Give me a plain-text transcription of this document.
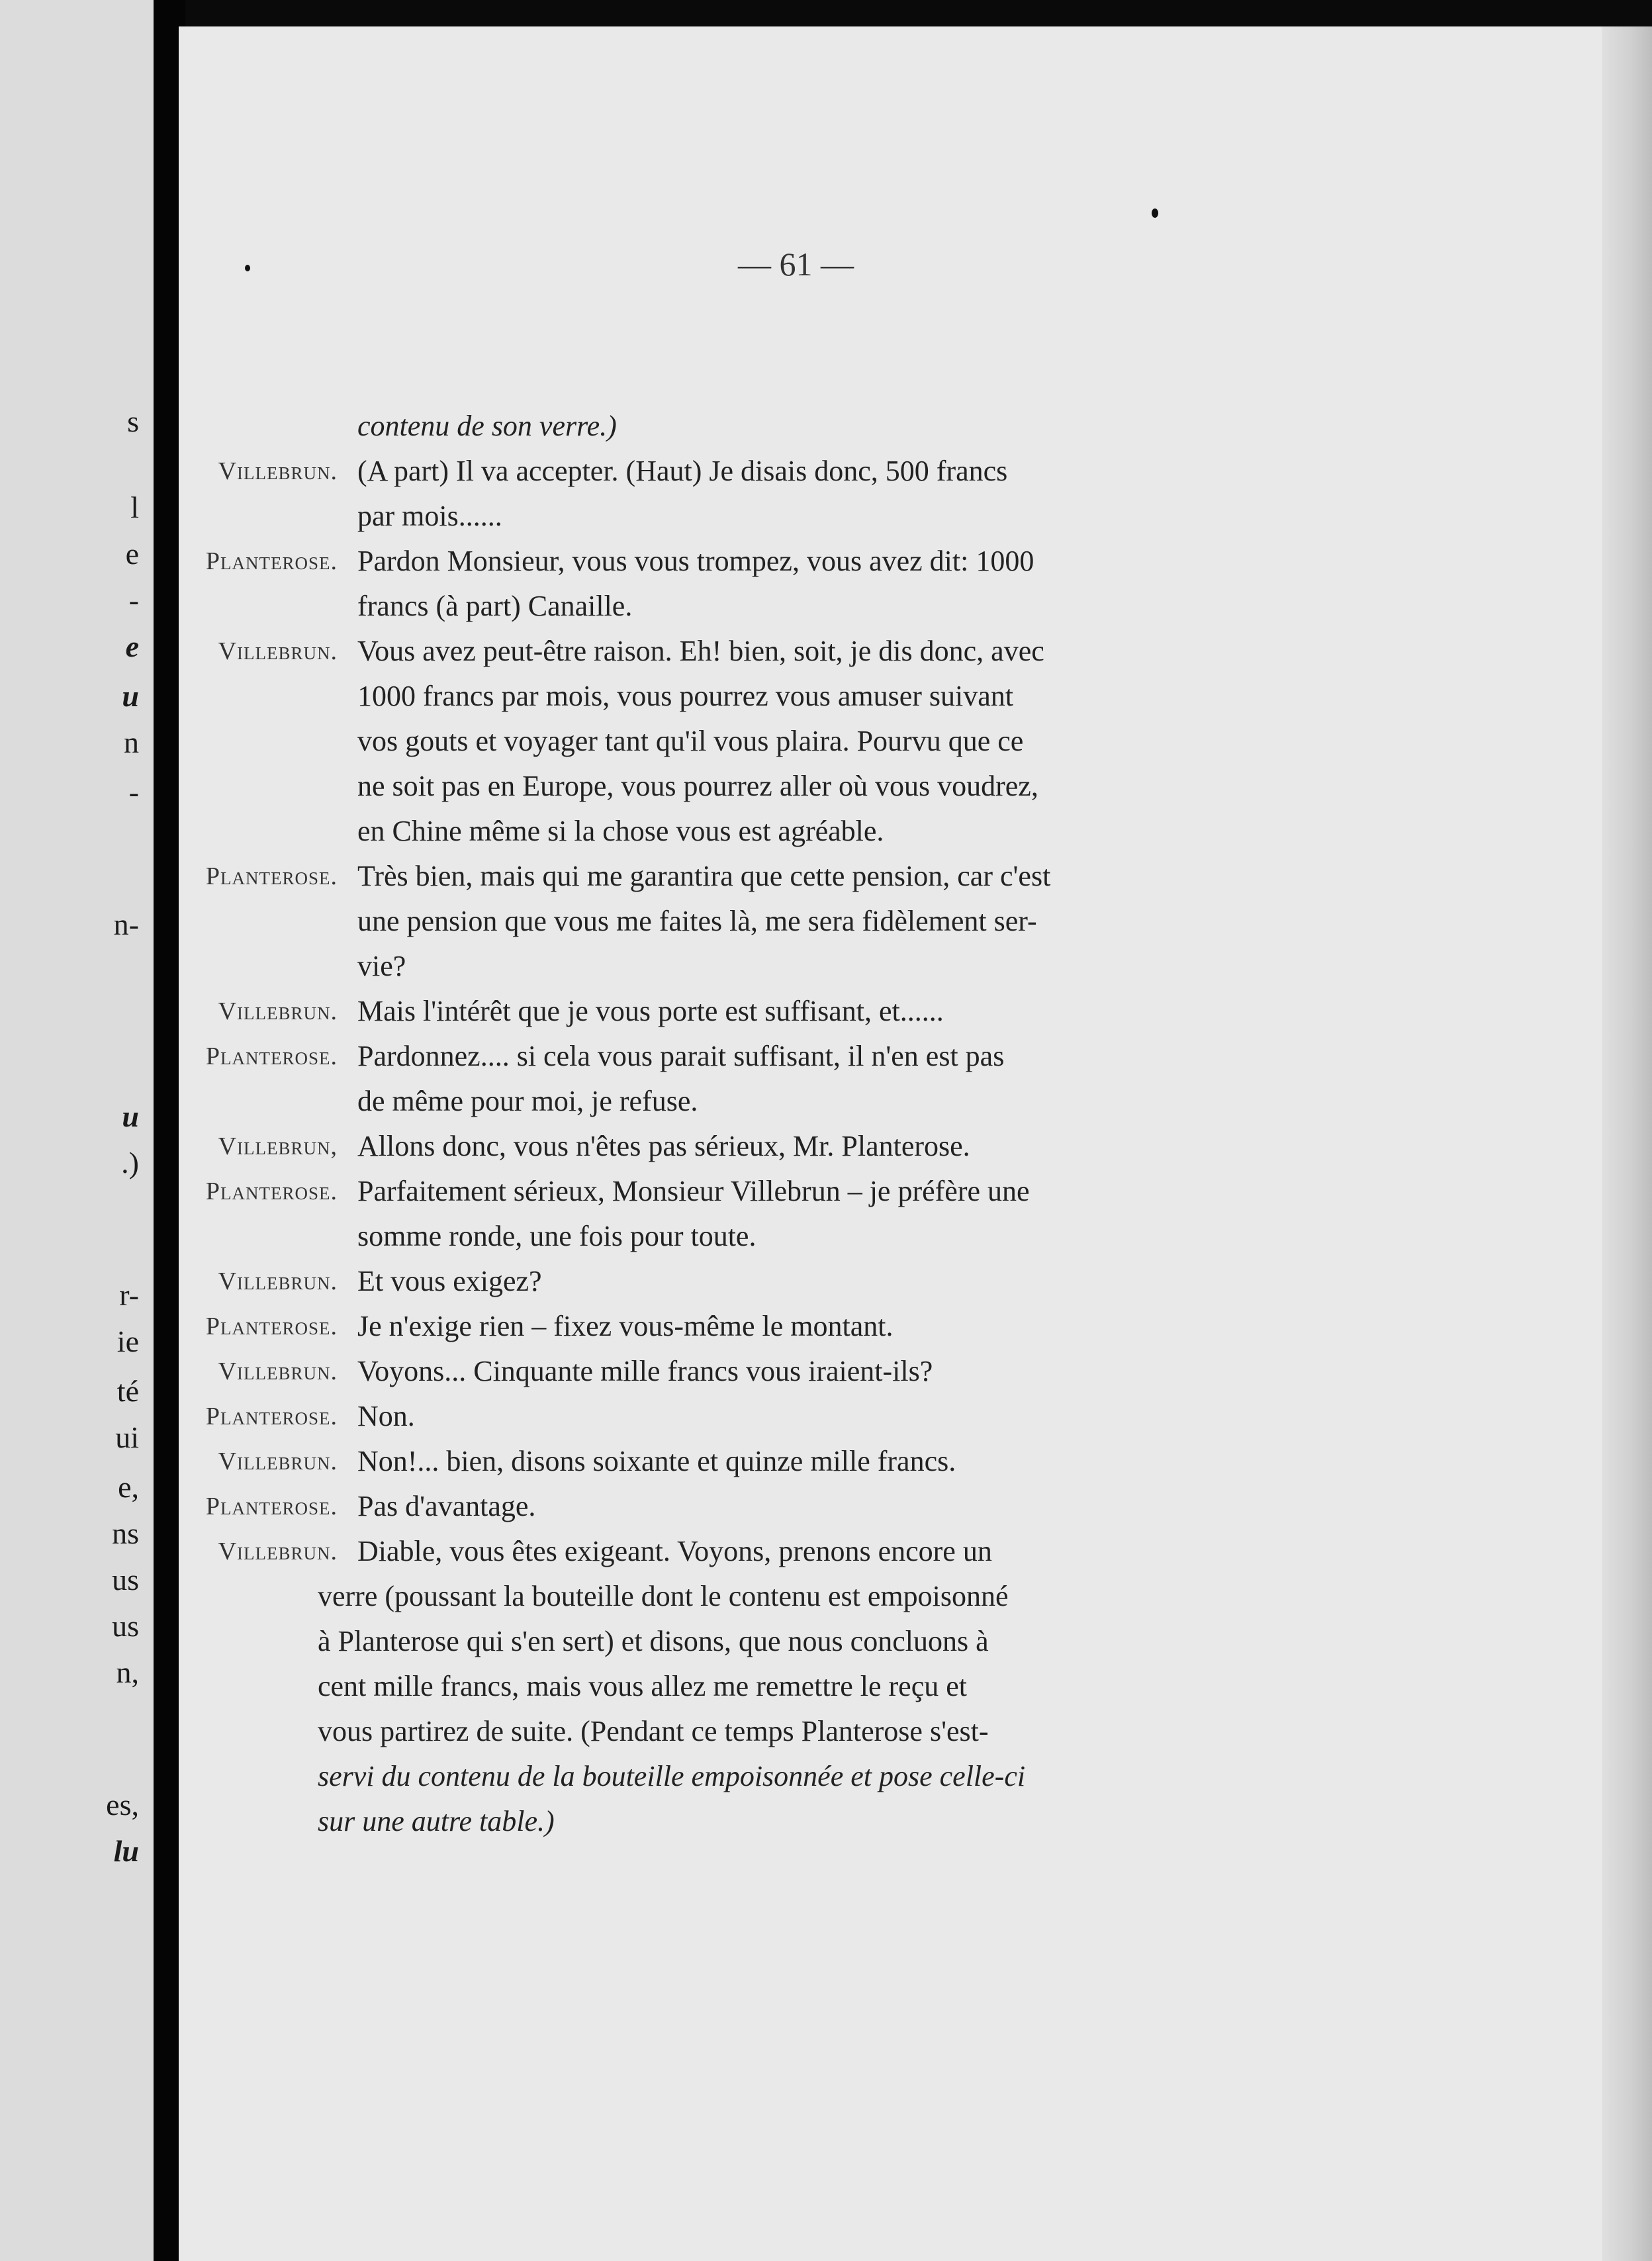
s
l
e
-
e
u
n
-
n-
u
.)
r-
ie
té
ui
e,
ns
us
us
n,
es,
lu
— 61 —
contenu de son verre.)
Villebrun. (A part) Il va accepter. (Haut) Je disais donc, 500 francs
par mois......
Planterose. Pardon Monsieur, vous vous trompez, vous avez dit: 1000
francs (à part) Canaille.
Villebrun. Vous avez peut-être raison. Eh! bien, soit, je dis donc, avec
1000 francs par mois, vous pourrez vous amuser suivant
vos gouts et voyager tant qu'il vous plaira. Pourvu que ce
ne soit pas en Europe, vous pourrez aller où vous voudrez,
en Chine même si la chose vous est agréable.
Planterose. Très bien, mais qui me garantira que cette pension, car c'est
une pension que vous me faites là, me sera fidèlement ser-
vie?
Villebrun. Mais l'intérêt que je vous porte est suffisant, et......
Planterose. Pardonnez.... si cela vous parait suffisant, il n'en est pas
de même pour moi, je refuse.
Villebrun, Allons donc, vous n'êtes pas sérieux, Mr. Planterose.
Planterose. Parfaitement sérieux, Monsieur Villebrun – je préfère une
somme ronde, une fois pour toute.
Villebrun. Et vous exigez?
Planterose. Je n'exige rien – fixez vous-même le montant.
Villebrun. Voyons... Cinquante mille francs vous iraient-ils?
Planterose. Non.
Villebrun. Non!... bien, disons soixante et quinze mille francs.
Planterose. Pas d'avantage.
Villebrun. Diable, vous êtes exigeant. Voyons, prenons encore un
verre (poussant la bouteille dont le contenu est empoisonné
à Planterose qui s'en sert) et disons, que nous concluons à
cent mille francs, mais vous allez me remettre le reçu et
vous partirez de suite. (Pendant ce temps Planterose s'est-
servi du contenu de la bouteille empoisonnée et pose celle-ci
sur une autre table.)
